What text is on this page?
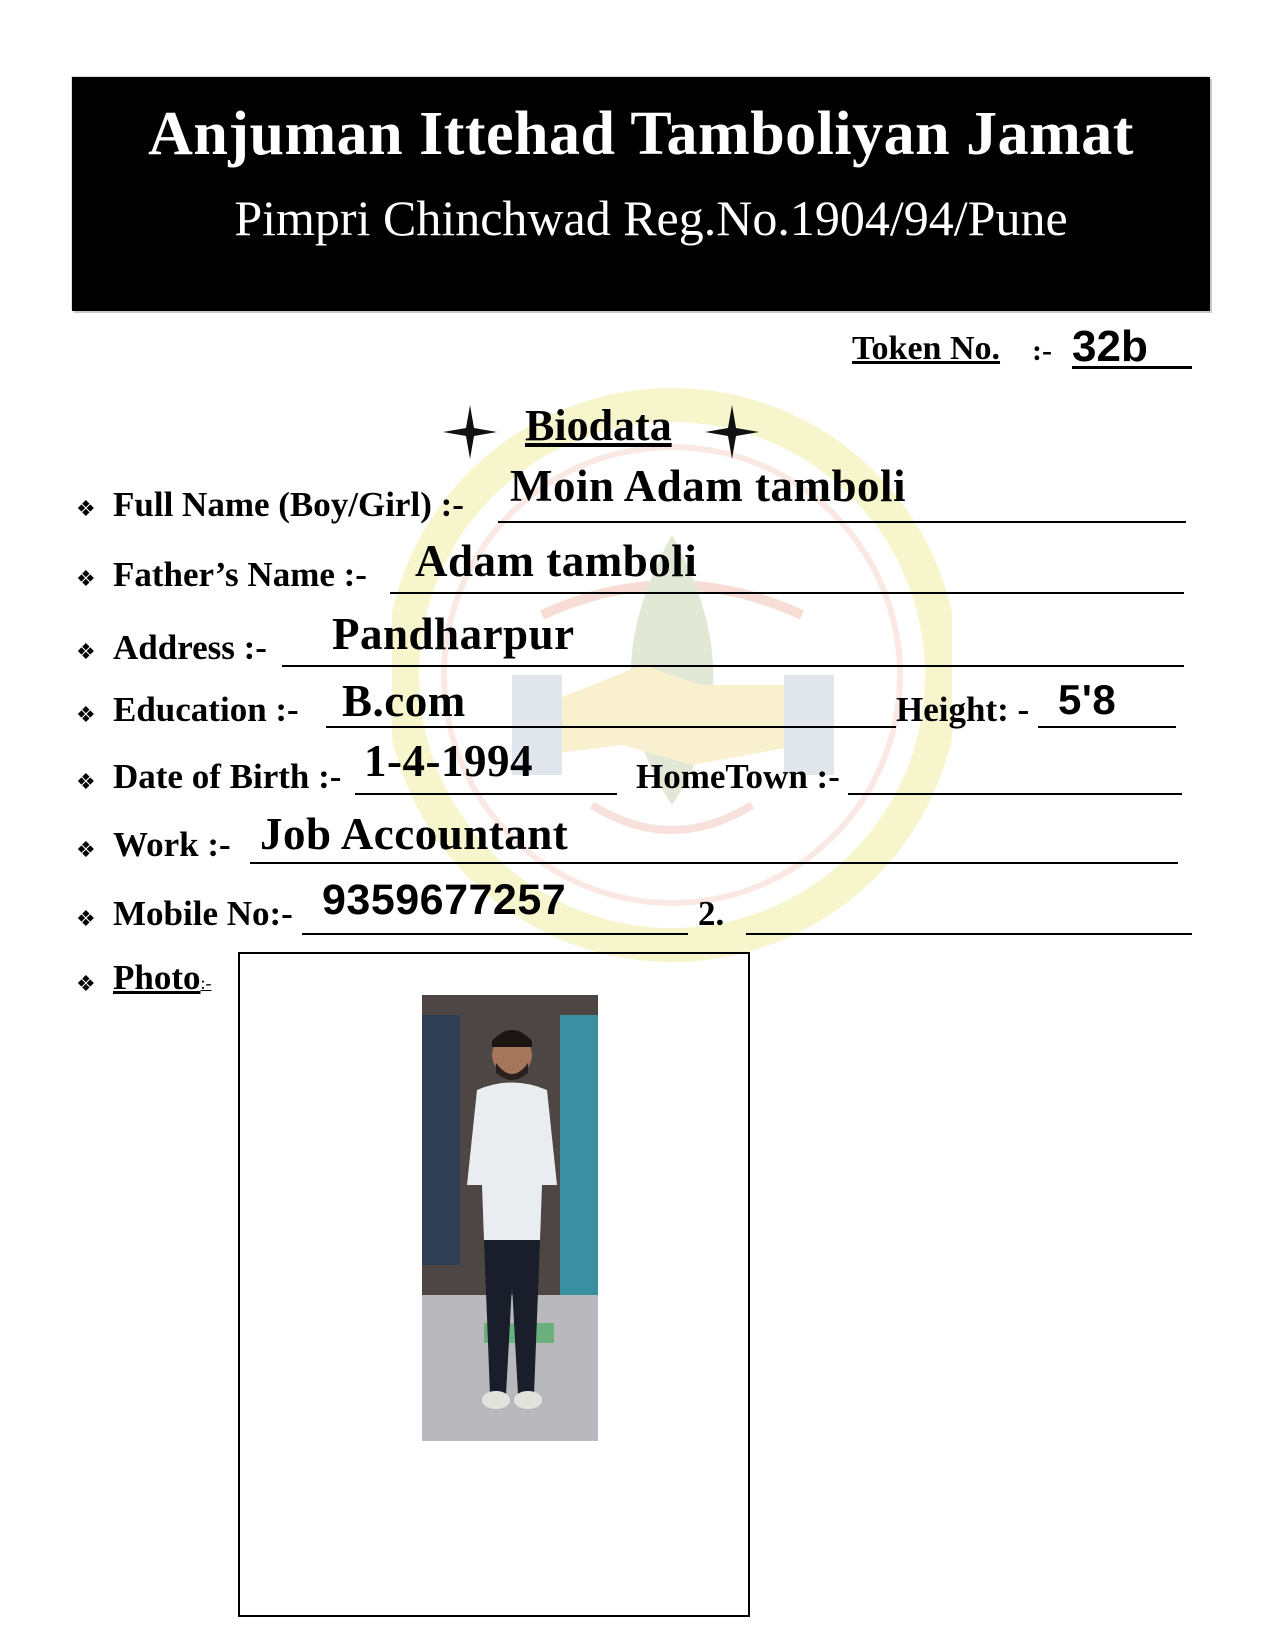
Anjuman Ittehad Tamboliyan Jamat
Pimpri Chinchwad Reg.No.1904/94/Pune
Token No. :- 32b
Biodata
❖ Full Name (Boy/Girl) :- Moin Adam tamboli
❖ Father’s Name :- Adam tamboli
❖ Address :- Pandharpur
❖ Education :- B.com	Height: - 5'8
❖ Date of Birth :- 1-4-1994	HomeTown :-
❖ Work :- Job Accountant
❖ Mobile No:- 9359677257	2.
❖ Photo:-
